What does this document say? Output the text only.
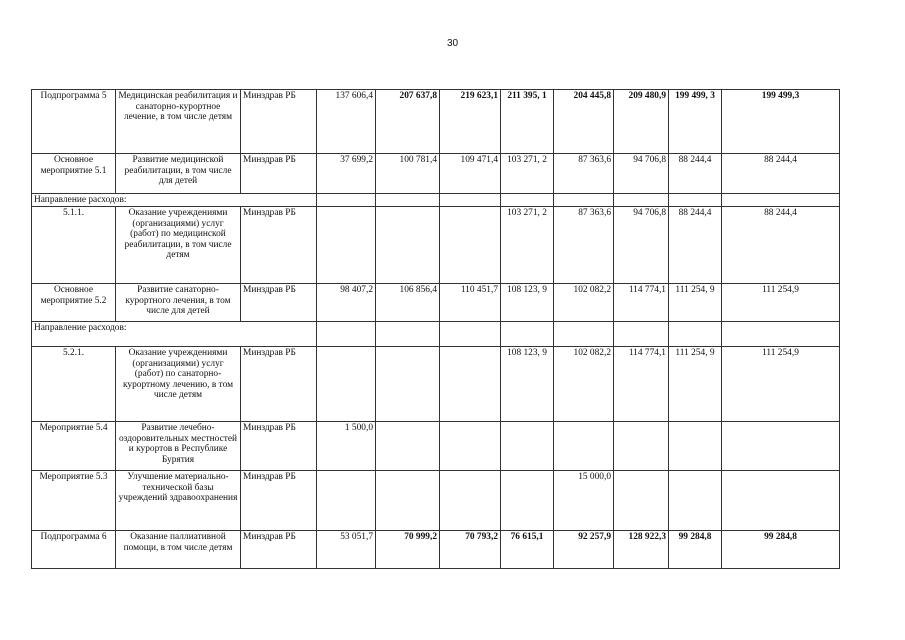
30
Подпрограмма 5	Медицинская реабилитация и санаторно-курортное лечение, в том числе детям	Минздрав РБ	137 606,4	207 637,8	219 623,1	211 395, 1	204 445,8	209 480,9	199 499, 3	199 499,3
Основное мероприятие 5.1	Развитие медицинской реабилитации, в том числе для детей	Минздрав РБ	37 699,2	100 781,4	109 471,4	103 271, 2	87 363,6	94 706,8	88 244,4	88 244,4
Направление расходов:										
5.1.1.	Оказание учреждениями (организациями) услуг (работ) по медицинской реабилитации, в том числе детям	Минздрав РБ				103 271, 2	87 363,6	94 706,8	88 244,4	88 244,4
Основное мероприятие 5.2	Развитие санаторно-курортного лечения, в том числе для детей	Минздрав РБ	98 407,2	106 856,4	110 451,7	108 123, 9	102 082,2	114 774,1	111 254, 9	111 254,9
Направление расходов:										
5.2.1.	Оказание учреждениями (организациями) услуг (работ) по санаторно-курортному лечению, в том числе детям	Минздрав РБ				108 123, 9	102 082,2	114 774,1	111 254, 9	111 254,9
Мероприятие 5.4	Развитие лечебно-оздоровительных местностей и курортов в Республике Бурятия	Минздрав РБ	1 500,0							
Мероприятие 5.3	Улучшение материально-технической базы учреждений здравоохранения	Минздрав РБ					15 000,0			
Подпрограмма 6	Оказание паллиативной помощи, в том числе детям	Минздрав РБ	53 051,7	70 999,2	70 793,2	76 615,1	92 257,9	128 922,3	99 284,8	99 284,8
